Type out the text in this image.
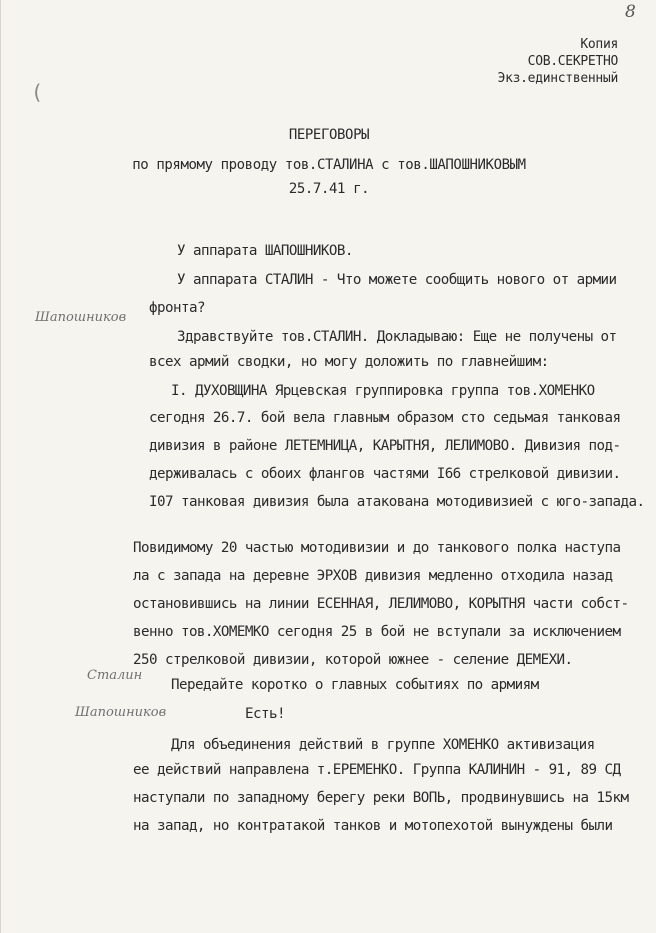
(
8
Копия
СОВ.СЕКРЕТНО
Экз.единственный
ПЕРЕГОВОРЫ
по прямому проводу тов.СТАЛИНА с тов.ШАПОШНИКОВЫМ
25.7.41 г.
Шапошников
Сталин
Шапошников
У аппарата ШАПОШНИКОВ.
У аппарата СТАЛИН - Что можете сообщить нового от армии
фронта?
Здравствуйте тов.СТАЛИН. Докладываю: Еще не получены от
всех армий сводки, но могу доложить по главнейшим:
I. ДУХОВЩИНА Ярцевская группировка группа тов.ХОМЕНКО
сегодня 26.7. бой вела главным образом сто седьмая танковая
дивизия в районе ЛЕТЕМНИЦА, КАРЫТНЯ, ЛЕЛИМОВО. Дивизия под-
держивалась с обоих флангов частями I66 стрелковой дивизии.
I07 танковая дивизия была атакована мотодивизией с юго-запада.
Повидимому 20 частью мотодивизии и до танкового полка наступа
ла с запада на деревне ЭРХОВ дивизия медленно отходила назад
остановившись на линии ЕСЕННАЯ, ЛЕЛИМОВО, КОРЫТНЯ части собст-
венно тов.ХОМЕМКО сегодня 25 в бой не вступали за исключением
250 стрелковой дивизии, которой южнее - селение ДЕМЕХИ.
Передайте коротко о главных событиях по армиям
Есть!
Для объединения действий в группе ХОМЕНКО активизация
ее действий направлена т.ЕРЕМЕНКО. Группа КАЛИНИН - 91, 89 СД
наступали по западному берегу реки ВОПЬ, продвинувшись на 15км
на запад, но контратакой танков и мотопехотой вынуждены были
